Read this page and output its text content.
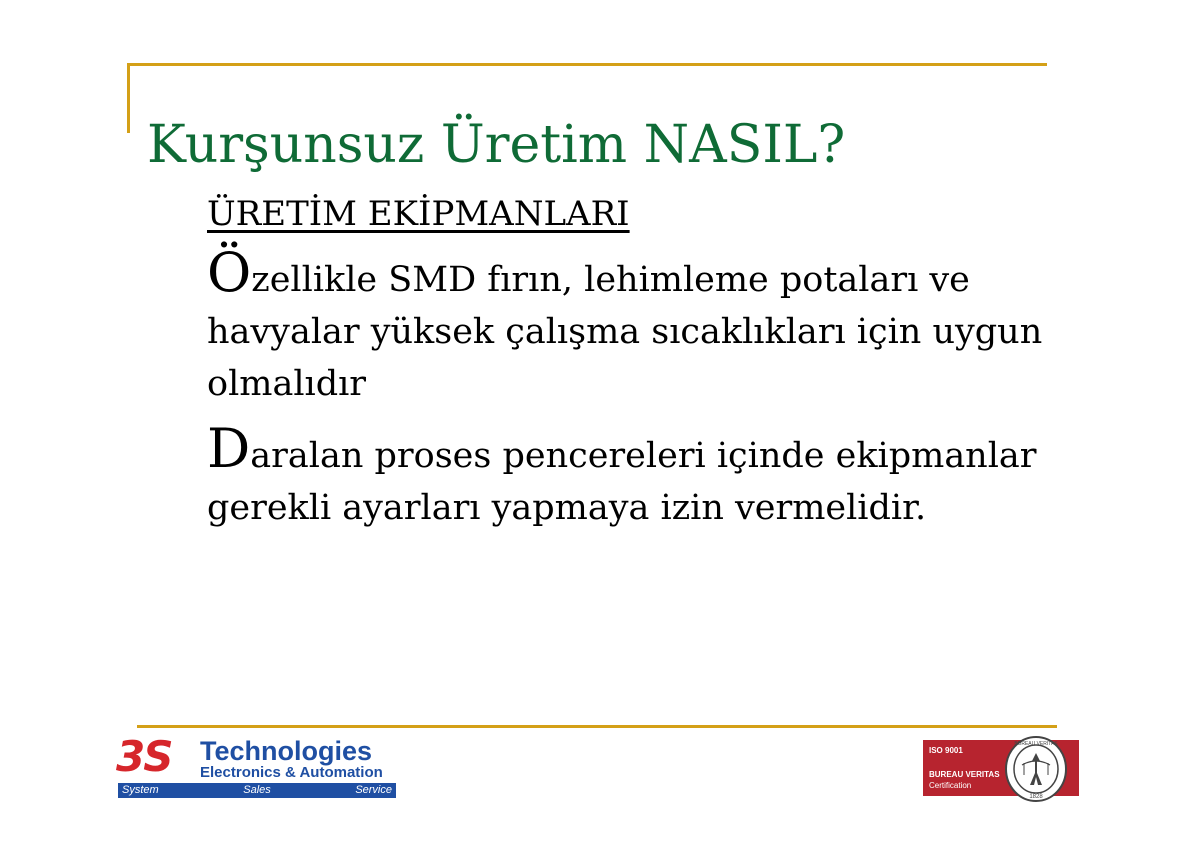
Kurşunsuz Üretim NASIL?
ÜRETİM EKİPMANLARI

Özellikle SMD fırın, lehimleme potaları ve havyalar yüksek çalışma sıcaklıkları için uygun olmalıdır

Daralan proses pencereleri içinde ekipmanlar gerekli ayarları yapmaya izin vermelidir.

3S Technologies
Electronics & Automation
System	Sales	Service
ISO 9001
BUREAU VERITAS
Certification
BUREAU VERITAS
1828
